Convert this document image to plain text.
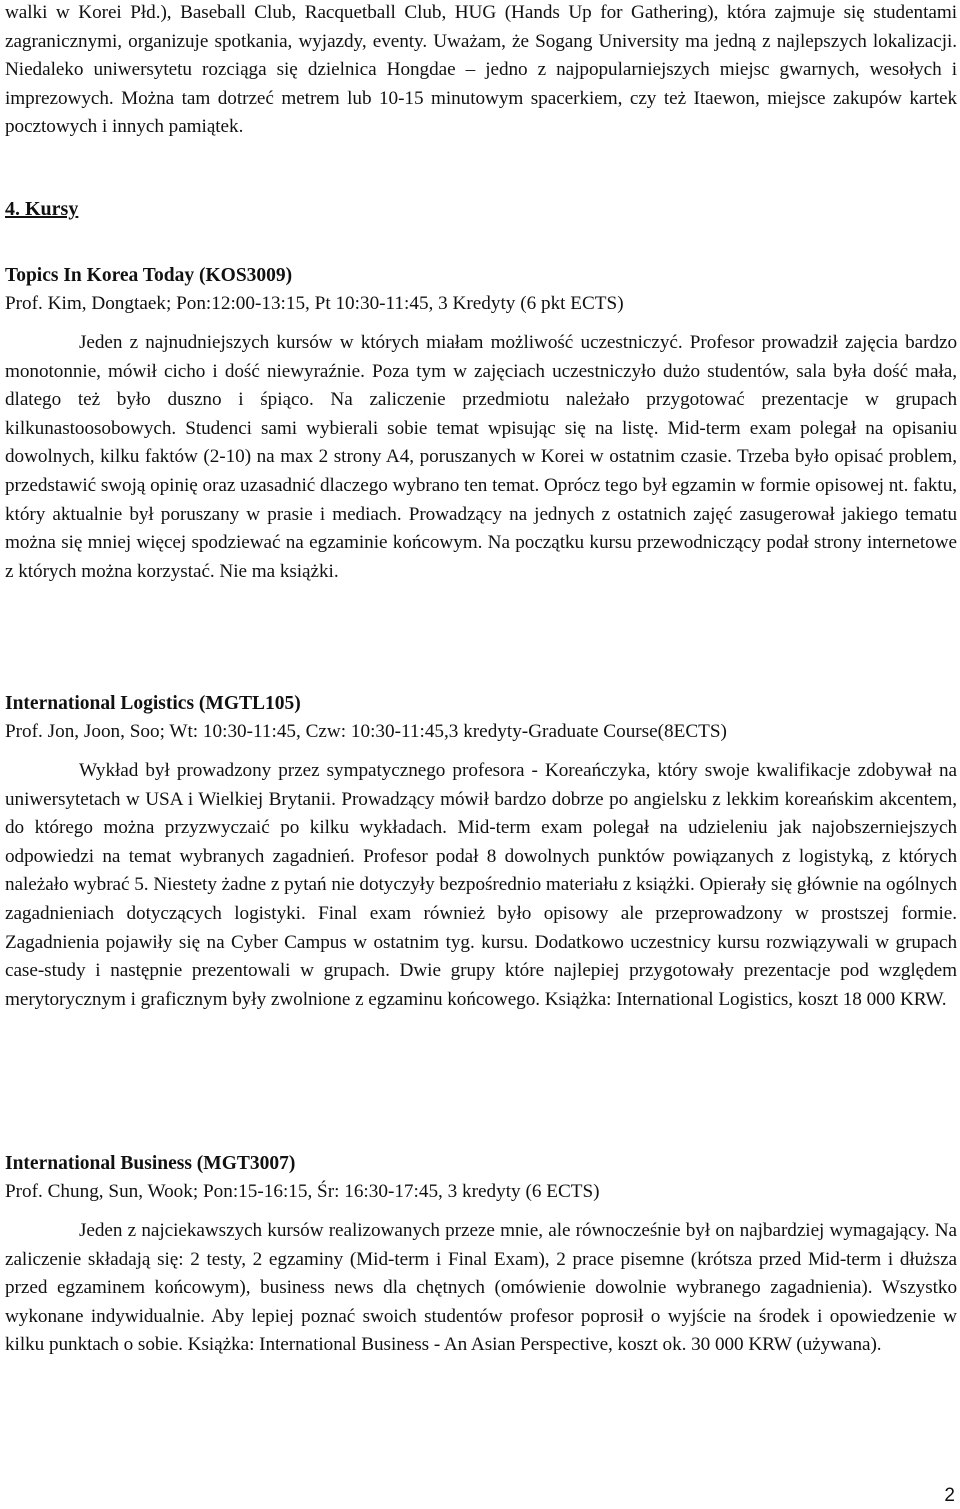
walki w Korei Płd.), Baseball Club, Racquetball Club, HUG (Hands Up for Gathering), która zajmuje się studentami zagranicznymi, organizuje spotkania, wyjazdy, eventy. Uważam, że Sogang University ma jedną z najlepszych lokalizacji. Niedaleko uniwersytetu rozciąga się dzielnica Hongdae – jedno z najpopularniejszych miejsc gwarnych, wesołych i imprezowych. Można tam dotrzeć metrem lub 10-15 minutowym spacerkiem, czy też Itaewon, miejsce zakupów kartek pocztowych i innych pamiątek.

4. Kursy
Topics In Korea Today (KOS3009)
Prof. Kim, Dongtaek; Pon:12:00-13:15, Pt 10:30-11:45, 3 Kredyty (6 pkt ECTS)

Jeden z najnudniejszych kursów w których miałam możliwość uczestniczyć. Profesor prowadził zajęcia bardzo monotonnie, mówił cicho i dość niewyraźnie. Poza tym w zajęciach uczestniczyło dużo studentów, sala była dość mała, dlatego też było duszno i śpiąco. Na zaliczenie przedmiotu należało przygotować prezentacje w grupach kilkunastoosobowych. Studenci sami wybierali sobie temat wpisując się na listę. Mid-term exam polegał na opisaniu dowolnych, kilku faktów (2-10) na max 2 strony A4, poruszanych w Korei w ostatnim czasie. Trzeba było opisać problem, przedstawić swoją opinię oraz uzasadnić dlaczego wybrano ten temat. Oprócz tego był egzamin w formie opisowej nt. faktu, który aktualnie był poruszany w prasie i mediach. Prowadzący na jednych z ostatnich zajęć zasugerował jakiego tematu można się mniej więcej spodziewać na egzaminie końcowym. Na początku kursu przewodniczący podał strony internetowe z których można korzystać. Nie ma książki.

International Logistics (MGTL105)
Prof. Jon, Joon, Soo; Wt: 10:30-11:45, Czw: 10:30-11:45,3 kredyty-Graduate Course(8ECTS)

Wykład był prowadzony przez sympatycznego profesora - Koreańczyka, który swoje kwalifikacje zdobywał na uniwersytetach w USA i Wielkiej Brytanii. Prowadzący mówił bardzo dobrze po angielsku z lekkim koreańskim akcentem, do którego można przyzwyczaić po kilku wykładach. Mid-term exam polegał na udzieleniu jak najobszerniejszych odpowiedzi na temat wybranych zagadnień. Profesor podał 8 dowolnych punktów powiązanych z logistyką, z których należało wybrać 5. Niestety żadne z pytań nie dotyczyły bezpośrednio materiału z książki. Opierały się głównie na ogólnych zagadnieniach dotyczących logistyki. Final exam również było opisowy ale przeprowadzony w prostszej formie. Zagadnienia pojawiły się na Cyber Campus w ostatnim tyg. kursu. Dodatkowo uczestnicy kursu rozwiązywali w grupach case-study i następnie prezentowali w grupach. Dwie grupy które najlepiej przygotowały prezentacje pod względem merytorycznym i graficznym były zwolnione z egzaminu końcowego. Książka: International Logistics, koszt 18 000 KRW.

International Business (MGT3007)
Prof. Chung, Sun, Wook; Pon:15-16:15, Śr: 16:30-17:45, 3 kredyty (6 ECTS)

Jeden z najciekawszych kursów realizowanych przeze mnie, ale równocześnie był on najbardziej wymagający. Na zaliczenie składają się: 2 testy, 2 egzaminy (Mid-term i Final Exam), 2 prace pisemne (krótsza przed Mid-term i dłuższa przed egzaminem końcowym), business news dla chętnych (omówienie dowolnie wybranego zagadnienia). Wszystko wykonane indywidualnie. Aby lepiej poznać swoich studentów profesor poprosił o wyjście na środek i opowiedzenie w kilku punktach o sobie. Książka: International Business - An Asian Perspective, koszt ok. 30 000 KRW (używana).

2
